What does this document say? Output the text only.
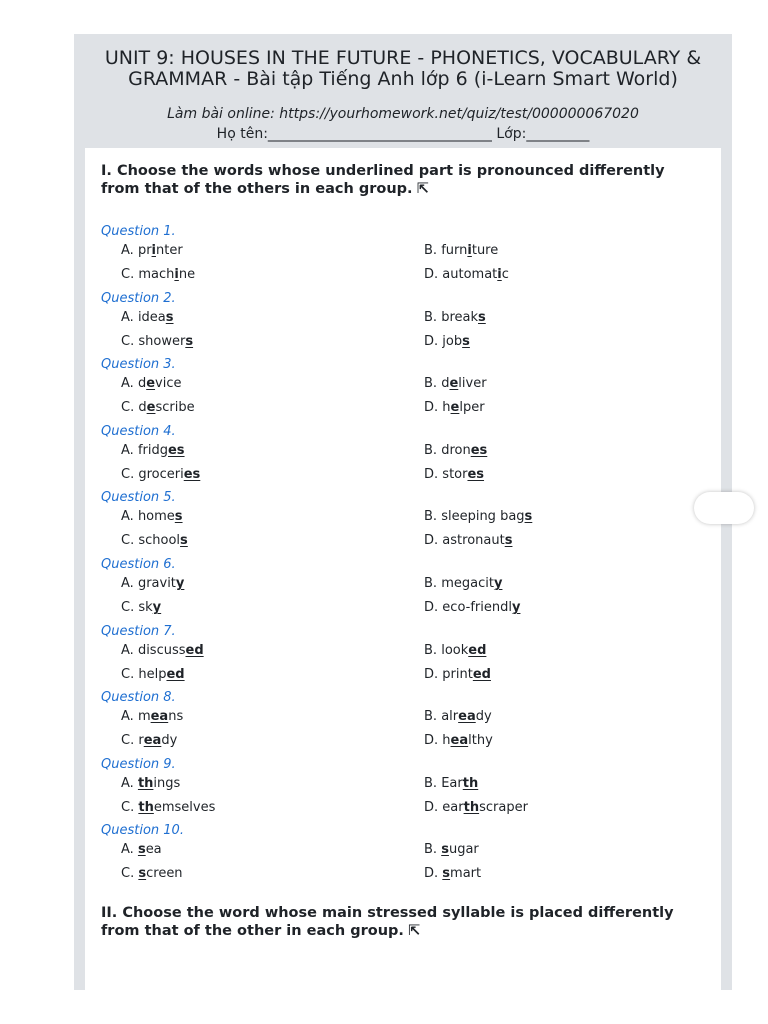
UNIT 9: HOUSES IN THE FUTURE - PHONETICS, VOCABULARY & GRAMMAR - Bài tập Tiếng Anh lớp 6 (i-Learn Smart World)
Làm bài online: https://yourhomework.net/quiz/test/000000067020
Họ tên:________________________________ Lớp:_________
I. Choose the words whose underlined part is pronounced differently from that of the others in each group. ⇱
Question 1.
A. printer	B. furniture
C. machine	D. automatic
Question 2.
A. ideas	B. breaks
C. showers	D. jobs
Question 3.
A. device	B. deliver
C. describe	D. helper
Question 4.
A. fridges	B. drones
C. groceries	D. stores
Question 5.
A. homes	B. sleeping bags
C. schools	D. astronauts
Question 6.
A. gravity	B. megacity
C. sky	D. eco-friendly
Question 7.
A. discussed	B. looked
C. helped	D. printed
Question 8.
A. means	B. already
C. ready	D. healthy
Question 9.
A. things	B. Earth
C. themselves	D. earthscraper
Question 10.
A. sea	B. sugar
C. screen	D. smart
II. Choose the word whose main stressed syllable is placed differently from that of the other in each group. ⇱
